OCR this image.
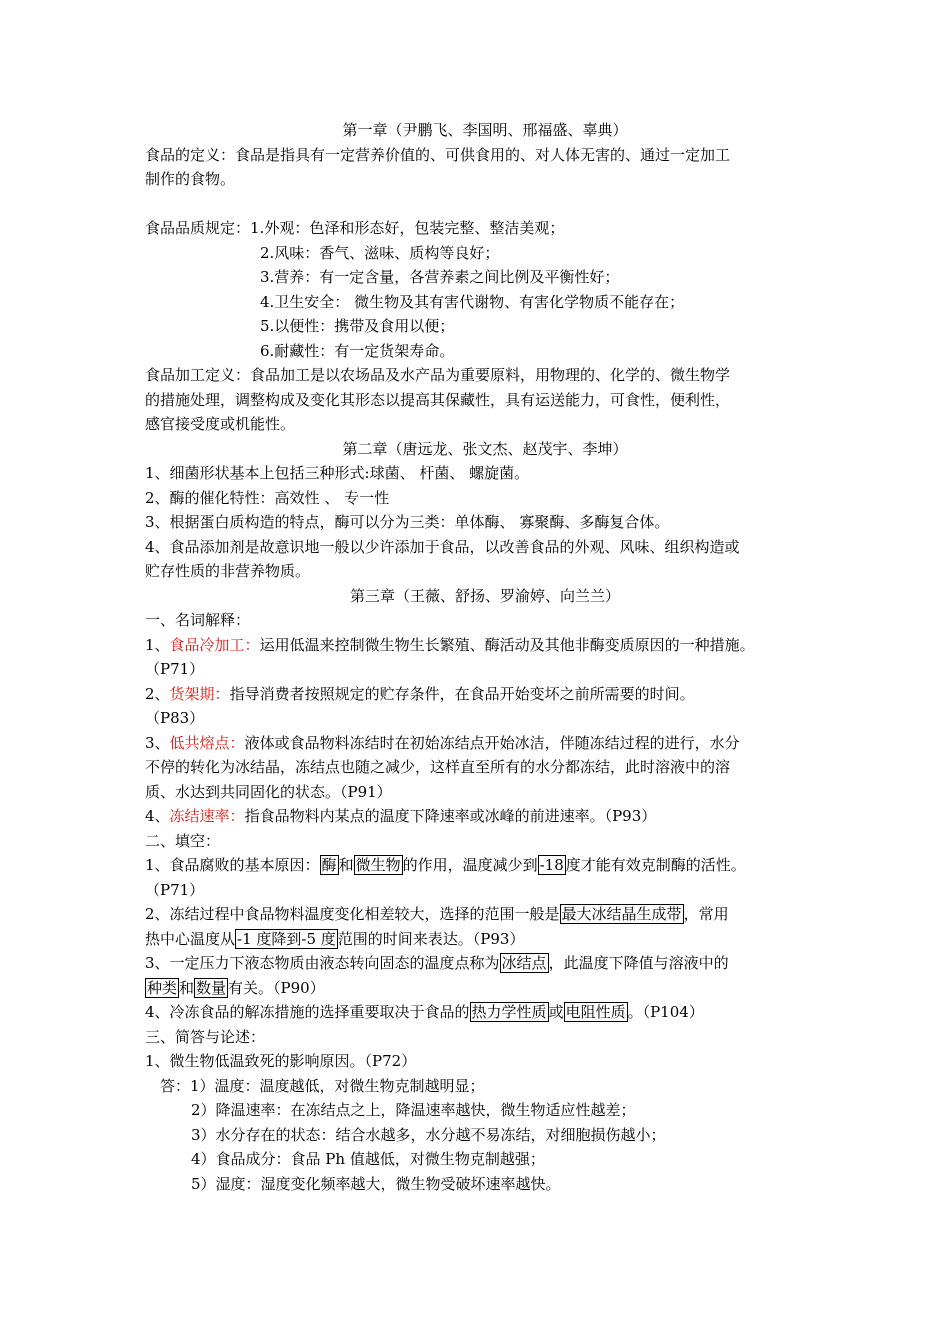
第一章（尹鹏飞、李国明、邢福盛、辜典）
食品的定义：食品是指具有一定营养价值的、可供食用的、对人体无害的、通过一定加工
制作的食物。
食品品质规定：1.外观：色泽和形态好，包装完整、整洁美观；
2.风味：香气、滋味、质构等良好；
3.营养：有一定含量，各营养素之间比例及平衡性好；
4.卫生安全： 微生物及其有害代谢物、有害化学物质不能存在；
5.以便性：携带及食用以便；
6.耐藏性：有一定货架寿命。
食品加工定义：食品加工是以农场品及水产品为重要原料，用物理的、化学的、微生物学
的措施处理，调整构成及变化其形态以提高其保藏性，具有运送能力，可食性，便利性，
感官接受度或机能性。
第二章（唐远龙、张文杰、赵茂宇、李坤）
1、细菌形状基本上包括三种形式:球菌、 杆菌、 螺旋菌。
2、酶的催化特性：高效性 、 专一性
3、根据蛋白质构造的特点，酶可以分为三类：单体酶、 寡聚酶、多酶复合体。
4、食品添加剂是故意识地一般以少许添加于食品，以改善食品的外观、风味、组织构造或
贮存性质的非营养物质。
第三章（王薇、舒扬、罗渝婷、向兰兰）
一、名词解释：
1、食品冷加工：运用低温来控制微生物生长繁殖、酶活动及其他非酶变质原因的一种措施。
（P71）
2、货架期：指导消费者按照规定的贮存条件，在食品开始变坏之前所需要的时间。
（P83）
3、低共熔点：液体或食品物料冻结时在初始冻结点开始冰洁，伴随冻结过程的进行，水分
不停的转化为冰结晶，冻结点也随之减少，这样直至所有的水分都冻结，此时溶液中的溶
质、水达到共同固化的状态。（P91）
4、冻结速率：指食品物料内某点的温度下降速率或冰峰的前进速率。（P93）
二、填空：
1、食品腐败的基本原因： 酶 和 微生物 的作用，温度减少到 -18 度才能有效克制酶的活性。
（P71）
2、冻结过程中食品物料温度变化相差较大，选择的范围一般是 最大冰结晶生成带 ，常用
热中心温度从 -1 度降到-5 度 范围的时间来表达。（P93）
3、一定压力下液态物质由液态转向固态的温度点称为 冰结点 ，此温度下降值与溶液中的
种类 和 数量 有关。（P90）
4、冷冻食品的解冻措施的选择重要取决于食品的 热力学性质 或 电阻性质 。（P104）
三、简答与论述：
1、微生物低温致死的影响原因。（P72）
答：1）温度：温度越低，对微生物克制越明显；
2）降温速率：在冻结点之上，降温速率越快，微生物适应性越差；
3）水分存在的状态：结合水越多，水分越不易冻结，对细胞损伤越小；
4）食品成分：食品 Ph 值越低，对微生物克制越强；
5）湿度：湿度变化频率越大，微生物受破坏速率越快。
